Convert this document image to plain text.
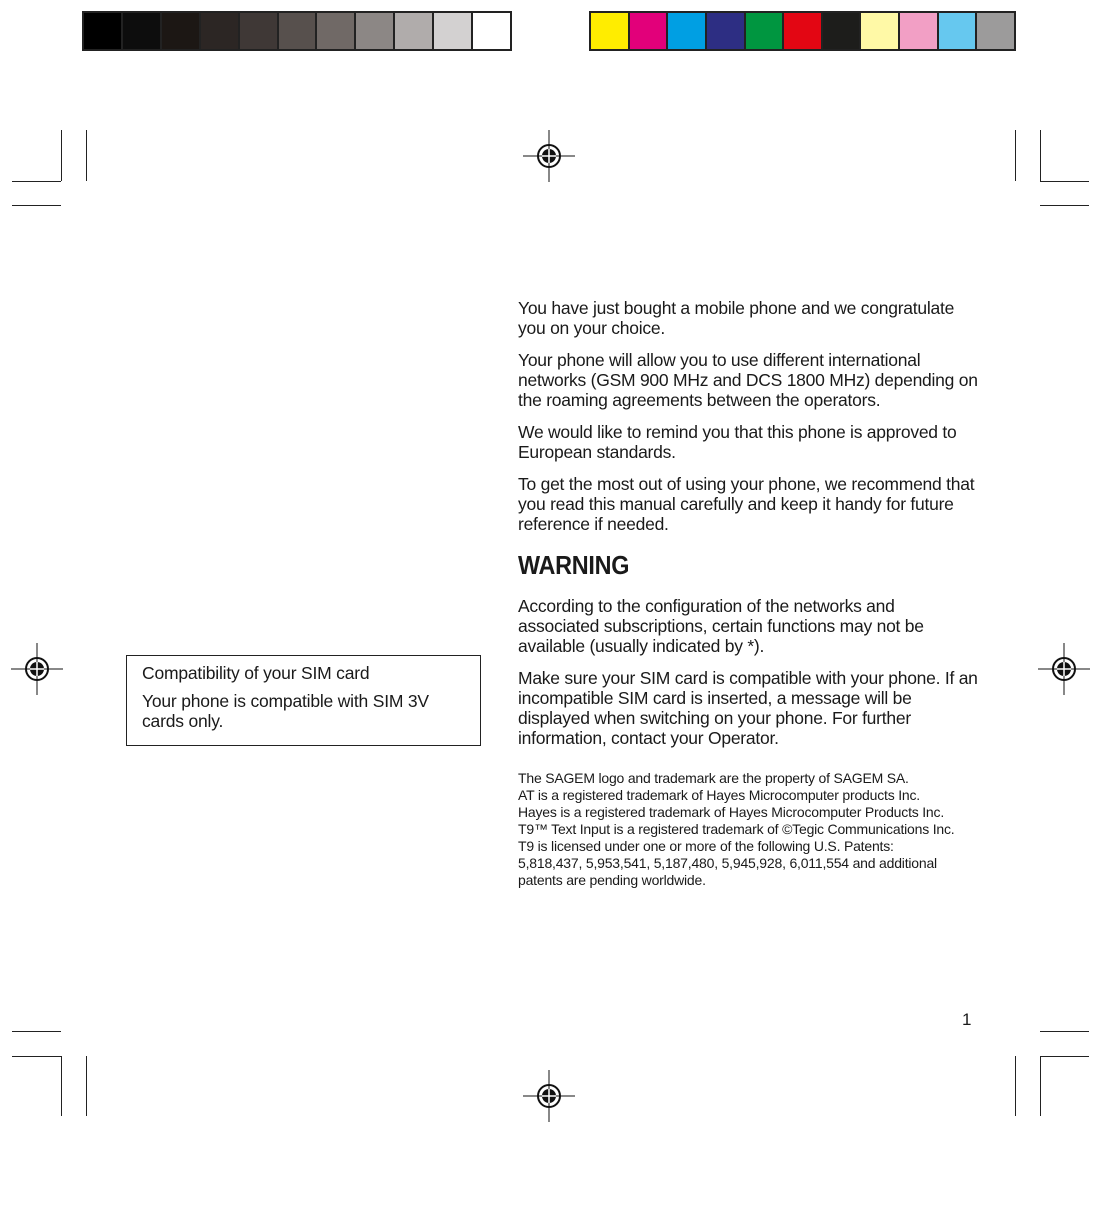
Compatibility of your SIM card

Your phone is compatible with SIM 3V cards only.

You have just bought a mobile phone and we congratulate you on your choice.

Your phone will allow you to use different international networks (GSM 900 MHz and DCS 1800 MHz) depending on the roaming agreements between the operators.

We would like to remind you that this phone is approved to European standards.

To get the most out of using your phone, we recommend that you read this manual carefully and keep it handy for future reference if needed.

WARNING

According to the configuration of the networks and associated subscriptions, certain functions may not be available (usually indicated by *).

Make sure your SIM card is compatible with your phone. If an incompatible SIM card is inserted, a message will be displayed when switching on your phone. For further information, contact your Operator.

The SAGEM logo and trademark are the property of SAGEM SA.
AT is a registered trademark of Hayes Microcomputer products Inc.
Hayes is a registered trademark of Hayes Microcomputer Products Inc.
T9™ Text Input is a registered trademark of ©Tegic Communications Inc.
T9 is licensed under one or more of the following U.S. Patents: 5,818,437, 5,953,541, 5,187,480, 5,945,928, 6,011,554 and additional patents are pending worldwide.
1
